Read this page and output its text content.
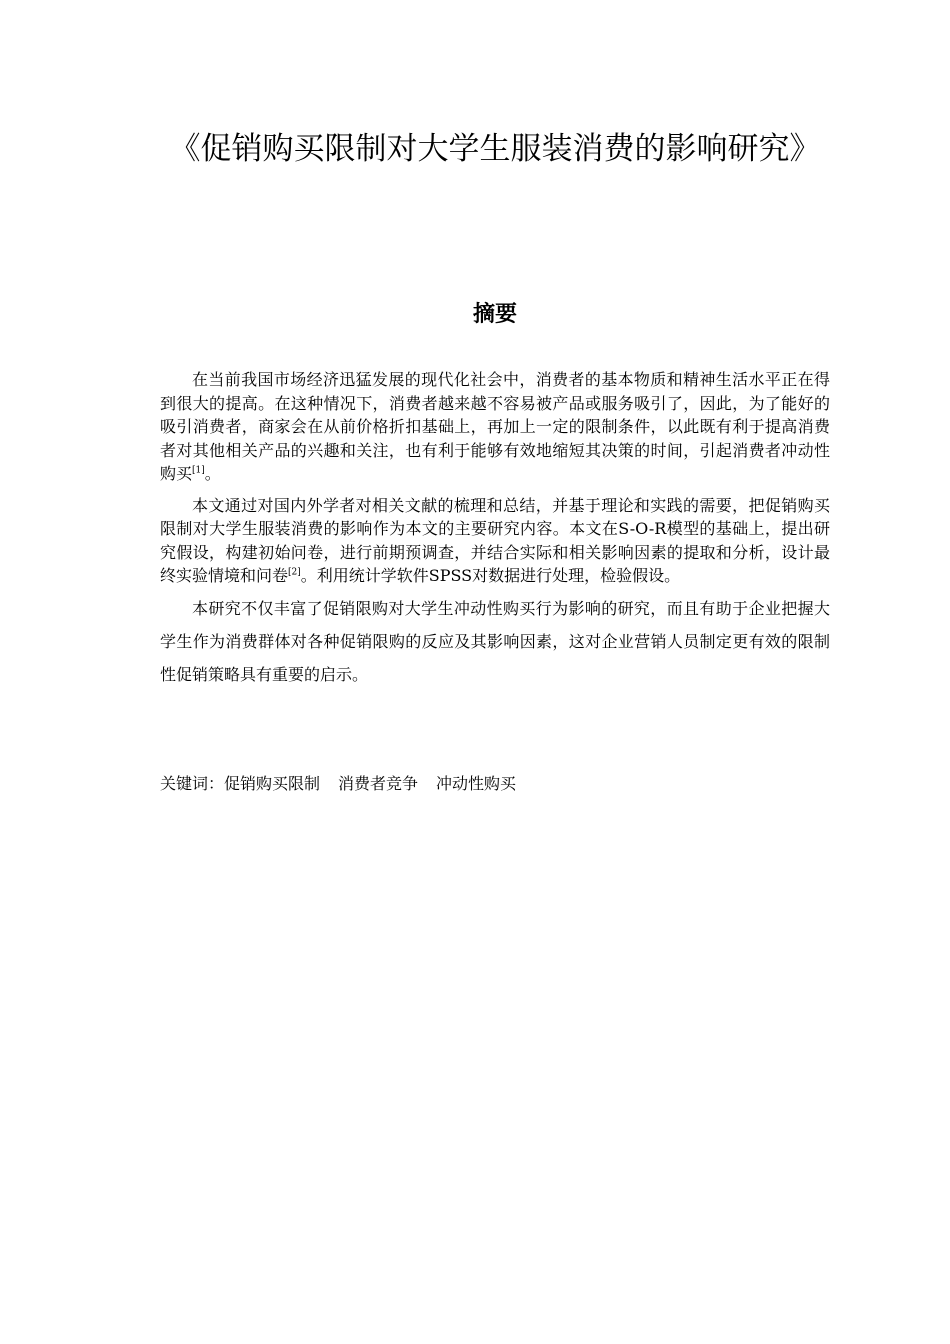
《促销购买限制对大学生服装消费的影响研究》
摘要

在当前我国市场经济迅猛发展的现代化社会中，消费者的基本物质和精神生活水平正在得到很大的提高。在这种情况下，消费者越来越不容易被产品或服务吸引了，因此，为了能好的吸引消费者，商家会在从前价格折扣基础上，再加上一定的限制条件，以此既有利于提高消费者对其他相关产品的兴趣和关注，也有利于能够有效地缩短其决策的时间，引起消费者冲动性购买[1]。

本文通过对国内外学者对相关文献的梳理和总结，并基于理论和实践的需要，把促销购买限制对大学生服装消费的影响作为本文的主要研究内容。本文在S-O-R模型的基础上，提出研究假设，构建初始问卷，进行前期预调查，并结合实际和相关影响因素的提取和分析，设计最终实验情境和问卷[2]。利用统计学软件SPSS对数据进行处理，检验假设。

本研究不仅丰富了促销限购对大学生冲动性购买行为影响的研究，而且有助于企业把握大学生作为消费群体对各种促销限购的反应及其影响因素，这对企业营销人员制定更有效的限制性促销策略具有重要的启示。

关键词：促销购买限制 消费者竞争 冲动性购买
